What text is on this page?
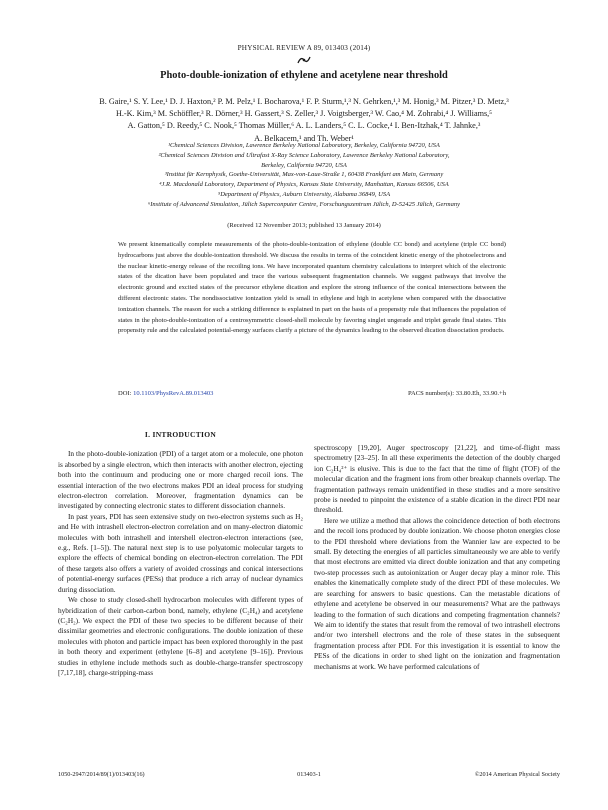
PHYSICAL REVIEW A 89, 013403 (2014)
Photo-double-ionization of ethylene and acetylene near threshold
B. Gaire,¹ S. Y. Lee,¹ D. J. Haxton,² P. M. Pelz,¹ I. Bocharova,¹ F. P. Sturm,¹,³ N. Gehrken,¹,³ M. Honig,³ M. Pitzer,³ D. Metz,³
H.-K. Kim,³ M. Schöffler,³ R. Dörner,³ H. Gassert,³ S. Zeller,³ J. Voigtsberger,³ W. Cao,⁴ M. Zohrabi,⁴ J. Williams,⁵
A. Gatton,⁵ D. Reedy,⁵ C. Nook,⁵ Thomas Müller,⁶ A. L. Landers,⁵ C. L. Cocke,⁴ I. Ben-Itzhak,⁴ T. Jahnke,³
A. Belkacem,¹ and Th. Weber¹
¹Chemical Sciences Division, Lawrence Berkeley National Laboratory, Berkeley, California 94720, USA
²Chemical Sciences Division and Ultrafast X-Ray Science Laboratory, Lawrence Berkeley National Laboratory,
Berkeley, California 94720, USA
³Institut für Kernphysik, Goethe-Universität, Max-von-Laue-Straße 1, 60438 Frankfurt am Main, Germany
⁴J.R. Macdonald Laboratory, Department of Physics, Kansas State University, Manhattan, Kansas 66506, USA
⁵Department of Physics, Auburn University, Alabama 36849, USA
⁶Institute of Advancend Simulation, Jülich Superconputer Centre, Forschungszentrum Jülich, D-52425 Jülich, Germany
(Received 12 November 2013; published 13 January 2014)

We present kinematically complete measurements of the photo-double-ionization of ethylene (double CC bond) and acetylene (triple CC bond) hydrocarbons just above the double-ionization threshold. We discuss the results in terms of the coincident kinetic energy of the photoelectrons and the nuclear kinetic-energy release of the recoiling ions. We have incorporated quantum chemistry calculations to interpret which of the electronic states of the dication have been populated and trace the various subsequent fragmentation channels. We suggest pathways that involve the electronic ground and excited states of the precursor ethylene dication and explore the strong influence of the conical intersections between the different electronic states. The nondissociative ionization yield is small in ethylene and high in acetylene when compared with the dissociative ionization channels. The reason for such a striking difference is explained in part on the basis of a propensity rule that influences the population of states in the photo-double-ionization of a centrosymmetric closed-shell molecule by favoring singlet ungerade and triplet gerade final states. This propensity rule and the calculated potential-energy surfaces clarify a picture of the dynamics leading to the observed dication dissociation products.

DOI: 10.1103/PhysRevA.89.013403	PACS number(s): 33.80.Eh, 33.90.+h
I. INTRODUCTION

In the photo-double-ionization (PDI) of a target atom or a molecule, one photon is absorbed by a single electron, which then interacts with another electron, ejecting both into the continuum and producing one or more charged recoil ions. The essential interaction of the two electrons makes PDI an ideal process for studying electron-electron correlation. Moreover, fragmentation dynamics can be investigated by connecting electronic states to different dissociation channels.

In past years, PDI has seen extensive study on two-electron systems such as H₂ and He with intrashell electron-electron correlation and on many-electron diatomic molecules with both intrashell and intershell electron-electron interactions (see, e.g., Refs. [1–5]). The natural next step is to use polyatomic molecular targets to explore the effects of chemical bonding on electron-electron correlation. The PDI of these targets also offers a variety of avoided crossings and conical intersections of potential-energy surfaces (PESs) that produce a rich array of nuclear dynamics during dissociation.

We chose to study closed-shell hydrocarbon molecules with different types of hybridization of their carbon-carbon bond, namely, ethylene (C₂H₄) and acetylene (C₂H₂). We expect the PDI of these two species to be different because of their dissimilar geometries and electronic configurations. The double ionization of these molecules with photon and particle impact has been explored thoroughly in the past in both theory and experiment (ethylene [6–8] and acetylene [9–16]). Previous studies in ethylene include methods such as double-charge-transfer spectroscopy [7,17,18], charge-stripping-mass

spectroscopy [19,20], Auger spectroscopy [21,22], and time-of-flight mass spectrometry [23–25]. In all these experiments the detection of the doubly charged ion C₂H₄²⁺ is elusive. This is due to the fact that the time of flight (TOF) of the molecular dication and the fragment ions from other breakup channels overlap. The fragmentation pathways remain unidentified in these studies and a more sensitive probe is needed to pinpoint the existence of a stable dication in the direct PDI near threshold.

Here we utilize a method that allows the coincidence detection of both electrons and the recoil ions produced by double ionization. We choose photon energies close to the PDI threshold where deviations from the Wannier law are expected to be small. By detecting the energies of all particles simultaneously we are able to verify that most electrons are emitted via direct double ionization and that any competing two-step processes such as autoionization or Auger decay play a minor role. This enables the kinematically complete study of the direct PDI of these molecules. We are searching for answers to basic questions. Can the metastable dications of ethylene and acetylene be observed in our measurements? What are the pathways leading to the formation of such dications and competing fragmentation channels? We aim to identify the states that result from the removal of two intrashell electrons and/or two intershell electrons and the role of these states in the subsequent fragmentation process after PDI. For this investigation it is essential to know the PESs of the dications in order to shed light on the ionization and fragmentation mechanisms at work. We have performed calculations of

1050-2947/2014/89(1)/013403(16)	013403-1	©2014 American Physical Society
